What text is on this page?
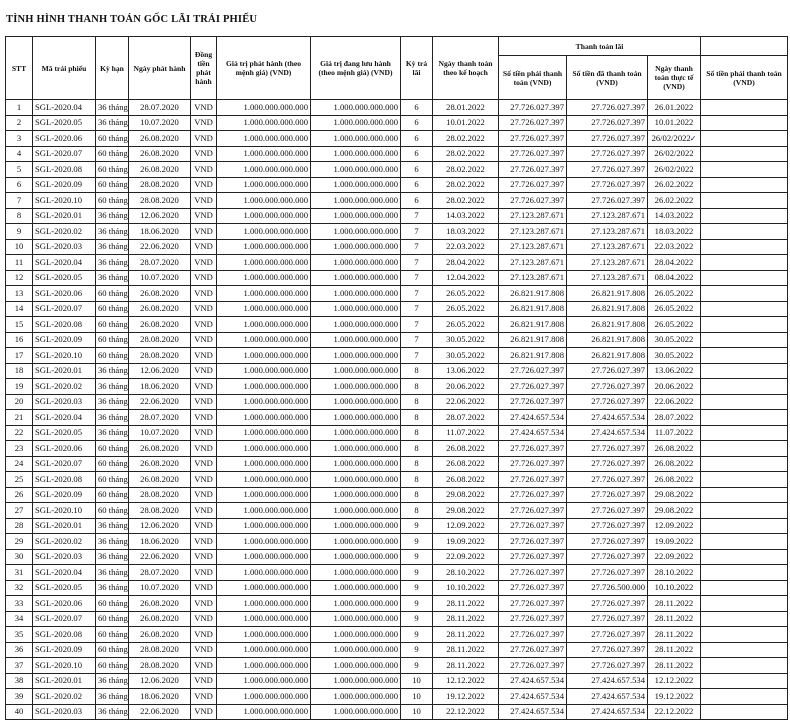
TÌNH HÌNH THANH TOÁN GỐC LÃI TRÁI PHIẾU
STT	Mã trái phiếu	Kỳ hạn	Ngày phát hành	Đồng tiền phát hành	Giá trị phát hành (theo mệnh giá) (VND)	Giá trị đang lưu hành (theo mệnh giá) (VND)	Kỳ trả lãi	Ngày thanh toán theo kế hoạch	Thanh toán lãi			
									Số tiền phải thanh toán (VND)	Số tiền đã thanh toán (VND)	Ngày thanh toán thực tế (VND)	Số tiền phải thanh toán (VND)
1	SGL-2020.04	36 tháng	28.07.2020	VND	1.000.000.000.000	1.000.000.000.000	6	28.01.2022	27.726.027.397	27.726.027.397	26.01.2022	
2	SGL-2020.05	36 tháng	10.07.2020	VND	1.000.000.000.000	1.000.000.000.000	6	10.01.2022	27.726.027.397	27.726.027.397	10.01.2022	
3	SGL-2020.06	60 tháng	26.08.2020	VND	1.000.000.000.000	1.000.000.000.000	6	28.02.2022	27.726.027.397	27.726.027.397	26/02/2022✓	
4	SGL-2020.07	60 tháng	26.08.2020	VND	1.000.000.000.000	1.000.000.000.000	6	28.02.2022	27.726.027.397	27.726.027.397	26/02/2022	
5	SGL-2020.08	60 tháng	26.08.2020	VND	1.000.000.000.000	1.000.000.000.000	6	28.02.2022	27.726.027.397	27.726.027.397	26/02/2022	
6	SGL-2020.09	60 tháng	28.08.2020	VND	1.000.000.000.000	1.000.000.000.000	6	28.02.2022	27.726.027.397	27.726.027.397	26.02.2022	
7	SGL-2020.10	60 tháng	28.08.2020	VND	1.000.000.000.000	1.000.000.000.000	6	28.02.2022	27.726.027.397	27.726.027.397	26.02.2022	
8	SGL-2020.01	36 tháng	12.06.2020	VND	1.000.000.000.000	1.000.000.000.000	7	14.03.2022	27.123.287.671	27.123.287.671	14.03.2022	
9	SGL-2020.02	36 tháng	18.06.2020	VND	1.000.000.000.000	1.000.000.000.000	7	18.03.2022	27.123.287.671	27.123.287.671	18.03.2022	
10	SGL-2020.03	36 tháng	22.06.2020	VND	1.000.000.000.000	1.000.000.000.000	7	22.03.2022	27.123.287.671	27.123.287.671	22.03.2022	
11	SGL-2020.04	36 tháng	28.07.2020	VND	1.000.000.000.000	1.000.000.000.000	7	28.04.2022	27.123.287.671	27.123.287.671	28.04.2022	
12	SGL-2020.05	36 tháng	10.07.2020	VND	1.000.000.000.000	1.000.000.000.000	7	12.04.2022	27.123.287.671	27.123.287.671	08.04.2022	
13	SGL-2020.06	60 tháng	26.08.2020	VND	1.000.000.000.000	1.000.000.000.000	7	26.05.2022	26.821.917.808	26.821.917.808	26.05.2022	
14	SGL-2020.07	60 tháng	26.08.2020	VND	1.000.000.000.000	1.000.000.000.000	7	26.05.2022	26.821.917.808	26.821.917.808	26.05.2022	
15	SGL-2020.08	60 tháng	26.08.2020	VND	1.000.000.000.000	1.000.000.000.000	7	26.05.2022	26.821.917.808	26.821.917.808	26.05.2022	
16	SGL-2020.09	60 tháng	28.08.2020	VND	1.000.000.000.000	1.000.000.000.000	7	30.05.2022	26.821.917.808	26.821.917.808	30.05.2022	
17	SGL-2020.10	60 tháng	28.08.2020	VND	1.000.000.000.000	1.000.000.000.000	7	30.05.2022	26.821.917.808	26.821.917.808	30.05.2022	
18	SGL-2020.01	36 tháng	12.06.2020	VND	1.000.000.000.000	1.000.000.000.000	8	13.06.2022	27.726.027.397	27.726.027.397	13.06.2022	
19	SGL-2020.02	36 tháng	18.06.2020	VND	1.000.000.000.000	1.000.000.000.000	8	20.06.2022	27.726.027.397	27.726.027.397	20.06.2022	
20	SGL-2020.03	36 tháng	22.06.2020	VND	1.000.000.000.000	1.000.000.000.000	8	22.06.2022	27.726.027.397	27.726.027.397	22.06.2022	
21	SGL-2020.04	36 tháng	28.07.2020	VND	1.000.000.000.000	1.000.000.000.000	8	28.07.2022	27.424.657.534	27.424.657.534	28.07.2022	
22	SGL-2020.05	36 tháng	10.07.2020	VND	1.000.000.000.000	1.000.000.000.000	8	11.07.2022	27.424.657.534	27.424.657.534	11.07.2022	
23	SGL-2020.06	60 tháng	26.08.2020	VND	1.000.000.000.000	1.000.000.000.000	8	26.08.2022	27.726.027.397	27.726.027.397	26.08.2022	
24	SGL-2020.07	60 tháng	26.08.2020	VND	1.000.000.000.000	1.000.000.000.000	8	26.08.2022	27.726.027.397	27.726.027.397	26.08.2022	
25	SGL-2020.08	60 tháng	26.08.2020	VND	1.000.000.000.000	1.000.000.000.000	8	26.08.2022	27.726.027.397	27.726.027.397	26.08.2022	
26	SGL-2020.09	60 tháng	28.08.2020	VND	1.000.000.000.000	1.000.000.000.000	8	29.08.2022	27.726.027.397	27.726.027.397	29.08.2022	
27	SGL-2020.10	60 tháng	28.08.2020	VND	1.000.000.000.000	1.000.000.000.000	8	29.08.2022	27.726.027.397	27.726.027.397	29.08.2022	
28	SGL-2020.01	36 tháng	12.06.2020	VND	1.000.000.000.000	1.000.000.000.000	9	12.09.2022	27.726.027.397	27.726.027.397	12.09.2022	
29	SGL-2020.02	36 tháng	18.06.2020	VND	1.000.000.000.000	1.000.000.000.000	9	19.09.2022	27.726.027.397	27.726.027.397	19.09.2022	
30	SGL-2020.03	36 tháng	22.06.2020	VND	1.000.000.000.000	1.000.000.000.000	9	22.09.2022	27.726.027.397	27.726.027.397	22.09.2022	
31	SGL-2020.04	36 tháng	28.07.2020	VND	1.000.000.000.000	1.000.000.000.000	9	28.10.2022	27.726.027.397	27.726.027.397	28.10.2022	
32	SGL-2020.05	36 tháng	10.07.2020	VND	1.000.000.000.000	1.000.000.000.000	9	10.10.2022	27.726.027.397	27.726.500.000	10.10.2022	
33	SGL-2020.06	60 tháng	26.08.2020	VND	1.000.000.000.000	1.000.000.000.000	9	28.11.2022	27.726.027.397	27.726.027.397	28.11.2022	
34	SGL-2020.07	60 tháng	26.08.2020	VND	1.000.000.000.000	1.000.000.000.000	9	28.11.2022	27.726.027.397	27.726.027.397	28.11.2022	
35	SGL-2020.08	60 tháng	26.08.2020	VND	1.000.000.000.000	1.000.000.000.000	9	28.11.2022	27.726.027.397	27.726.027.397	28.11.2022	
36	SGL-2020.09	60 tháng	28.08.2020	VND	1.000.000.000.000	1.000.000.000.000	9	28.11.2022	27.726.027.397	27.726.027.397	28.11.2022	
37	SGL-2020.10	60 tháng	28.08.2020	VND	1.000.000.000.000	1.000.000.000.000	9	28.11.2022	27.726.027.397	27.726.027.397	28.11.2022	
38	SGL-2020.01	36 tháng	12.06.2020	VND	1.000.000.000.000	1.000.000.000.000	10	12.12.2022	27.424.657.534	27.424.657.534	12.12.2022	
39	SGL-2020.02	36 tháng	18.06.2020	VND	1.000.000.000.000	1.000.000.000.000	10	19.12.2022	27.424.657.534	27.424.657.534	19.12.2022	
40	SGL-2020.03	36 tháng	22.06.2020	VND	1.000.000.000.000	1.000.000.000.000	10	22.12.2022	27.424.657.534	27.424.657.534	22.12.2022	
